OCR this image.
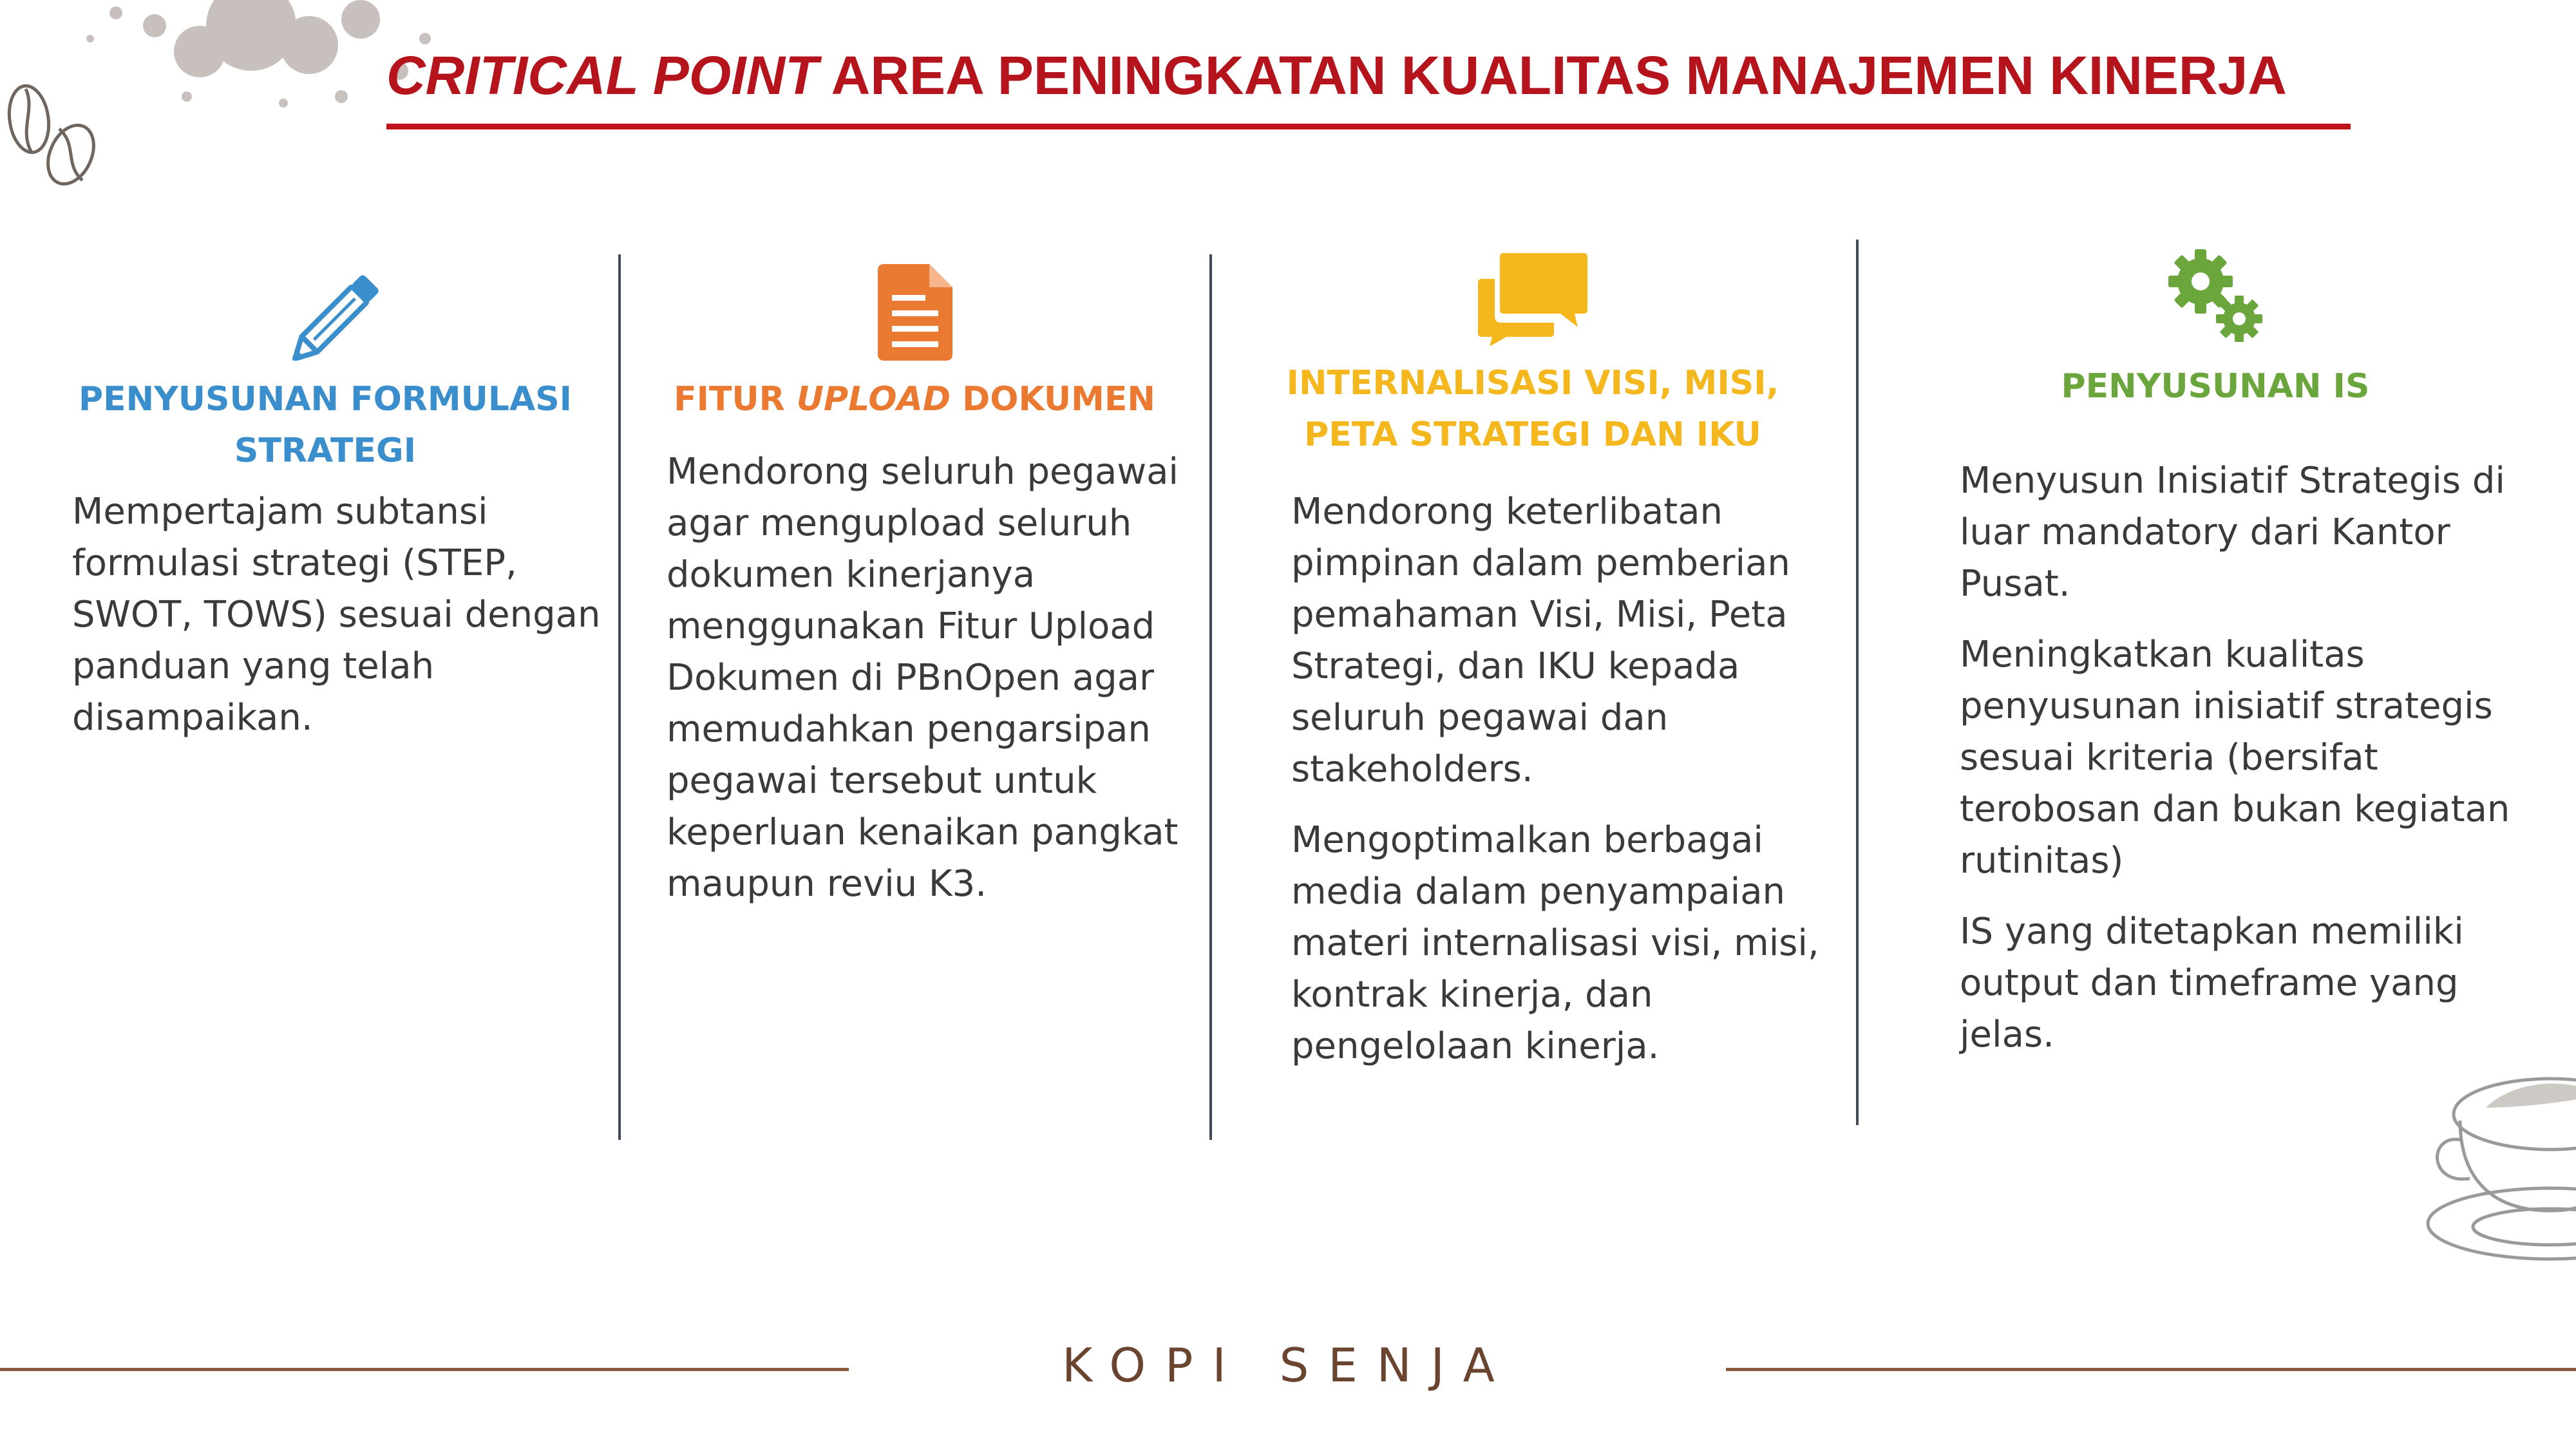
CRITICAL POINT AREA PENINGKATAN KUALITAS MANAJEMEN KINERJA
PENYUSUNAN FORMULASI
STRATEGI

Mempertajam subtansi formulasi strategi (STEP, SWOT, TOWS) sesuai dengan panduan yang telah disampaikan.

FITUR UPLOAD DOKUMEN

Mendorong seluruh pegawai agar mengupload seluruh dokumen kinerjanya menggunakan Fitur Upload Dokumen di PBnOpen agar memudahkan pengarsipan pegawai tersebut untuk keperluan kenaikan pangkat maupun reviu K3.

INTERNALISASI VISI, MISI,
PETA STRATEGI DAN IKU

Mendorong keterlibatan pimpinan dalam pemberian pemahaman Visi, Misi, Peta Strategi, dan IKU kepada seluruh pegawai dan stakeholders.

Mengoptimalkan berbagai media dalam penyampaian materi internalisasi visi, misi, kontrak kinerja, dan pengelolaan kinerja.

PENYUSUNAN IS

Menyusun Inisiatif Strategis di luar mandatory dari Kantor Pusat.

Meningkatkan kualitas penyusunan inisiatif strategis sesuai kriteria (bersifat terobosan dan bukan kegiatan rutinitas)

IS yang ditetapkan memiliki output dan timeframe yang jelas.

KOPI SENJA
